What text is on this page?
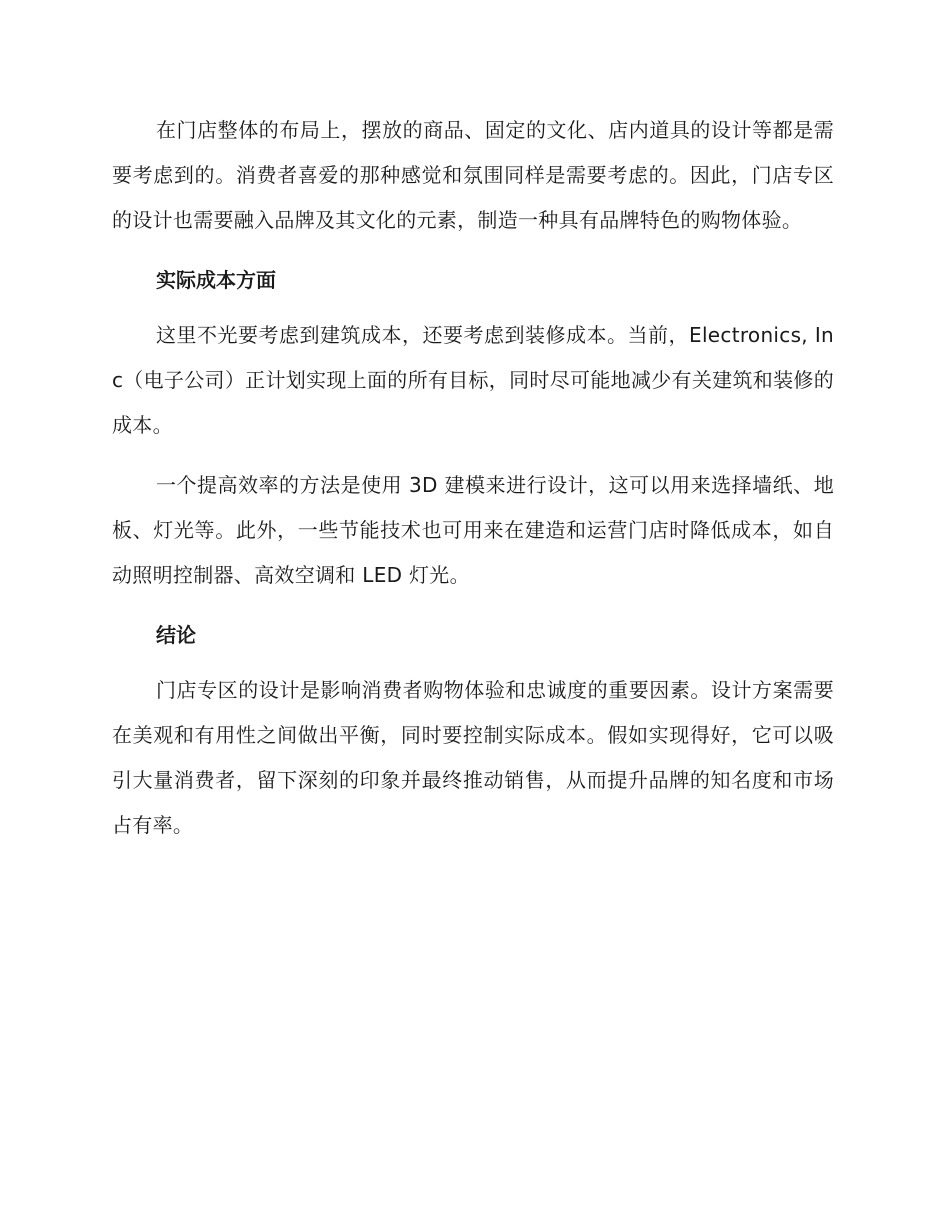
在门店整体的布局上，摆放的商品、固定的文化、店内道具的设计等都是需要考虑到的。消费者喜爱的那种感觉和氛围同样是需要考虑的。因此，门店专区的设计也需要融入品牌及其文化的元素，制造一种具有品牌特色的购物体验。

实际成本方面

这里不光要考虑到建筑成本，还要考虑到装修成本。当前，Electronics, Inc（电子公司）正计划实现上面的所有目标，同时尽可能地减少有关建筑和装修的成本。

一个提高效率的方法是使用 3D 建模来进行设计，这可以用来选择墙纸、地板、灯光等。此外，一些节能技术也可用来在建造和运营门店时降低成本，如自动照明控制器、高效空调和 LED 灯光。

结论

门店专区的设计是影响消费者购物体验和忠诚度的重要因素。设计方案需要在美观和有用性之间做出平衡，同时要控制实际成本。假如实现得好，它可以吸引大量消费者，留下深刻的印象并最终推动销售，从而提升品牌的知名度和市场占有率。
